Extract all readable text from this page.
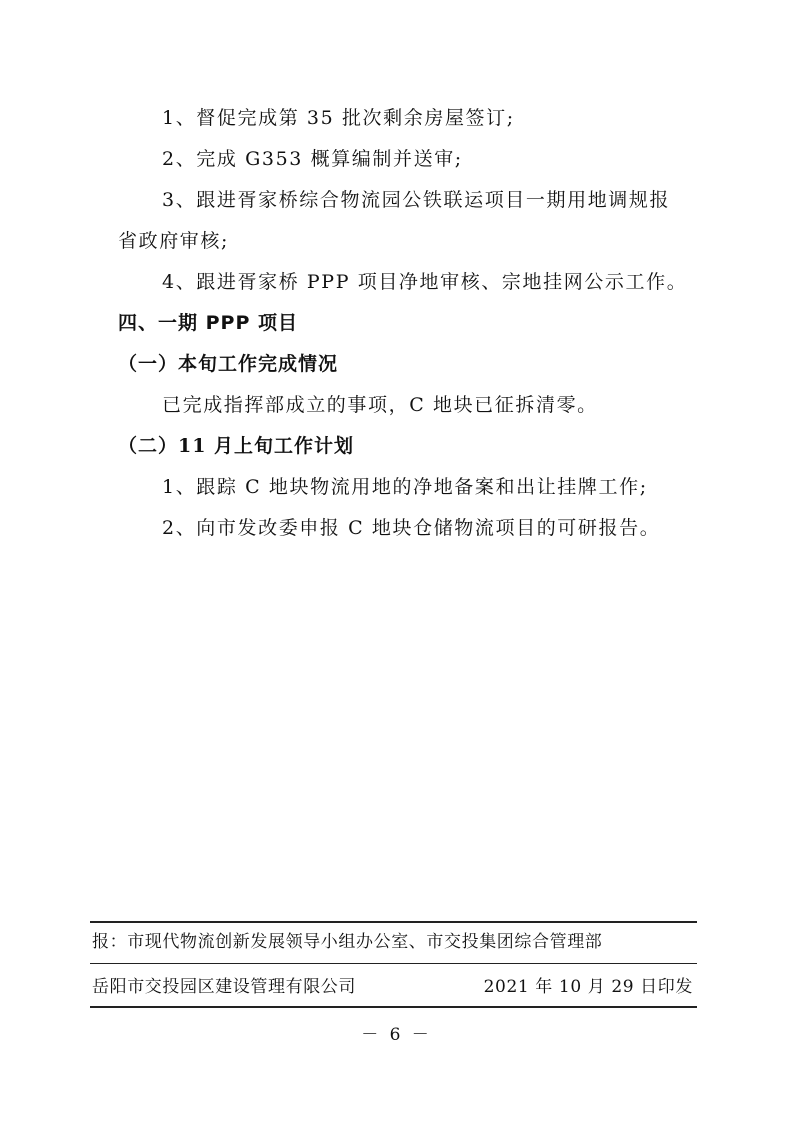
1、督促完成第 35 批次剩余房屋签订;

2、完成 G353 概算编制并送审;

3、跟进胥家桥综合物流园公铁联运项目一期用地调规报省政府审核;

4、跟进胥家桥 PPP 项目净地审核、宗地挂网公示工作。

四、一期 PPP 项目
（一）本旬工作完成情况

已完成指挥部成立的事项，C 地块已征拆清零。

（二）11 月上旬工作计划

1、跟踪 C 地块物流用地的净地备案和出让挂牌工作;

2、向市发改委申报 C 地块仓储物流项目的可研报告。

报：市现代物流创新发展领导小组办公室、市交投集团综合管理部
岳阳市交投园区建设管理有限公司	2021 年 10 月 29 日印发
－ 6 －
